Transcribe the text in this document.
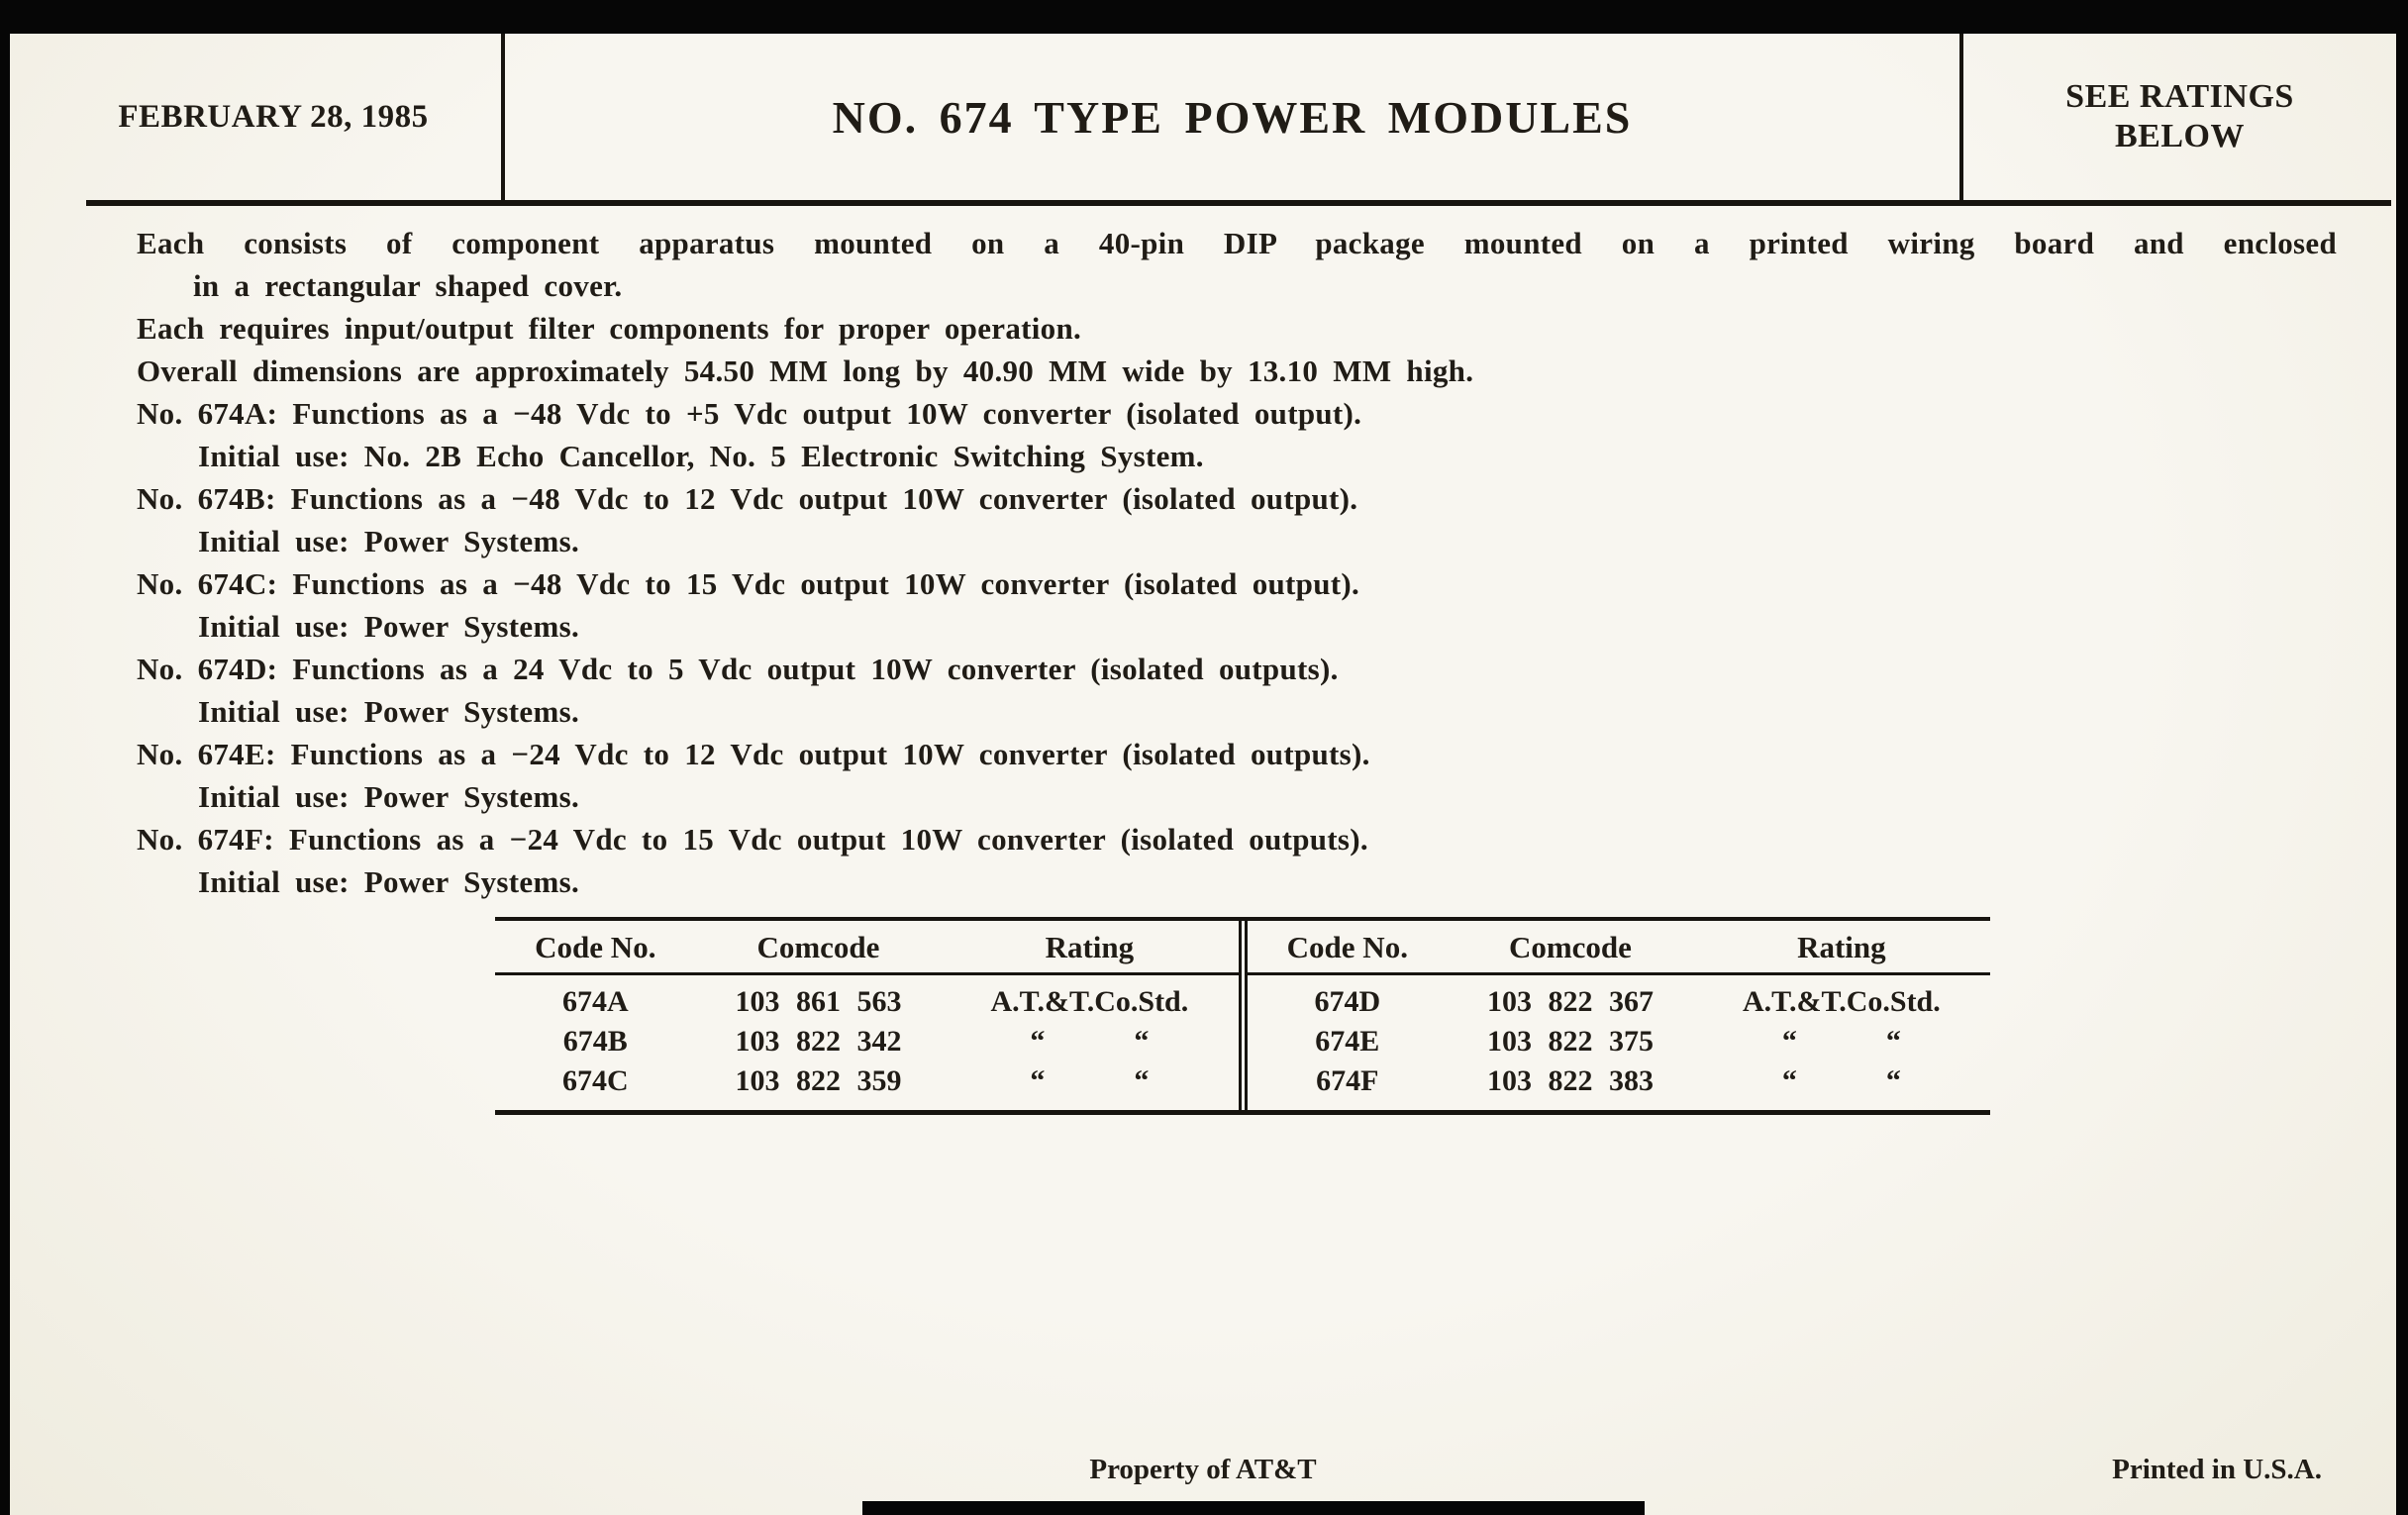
FEBRUARY 28, 1985	NO. 674 TYPE POWER MODULES	SEE RATINGS
BELOW
Each consists of component apparatus mounted on a 40-pin DIP package mounted on a printed wiring board and enclosed
in a rectangular shaped cover.
Each requires input/output filter components for proper operation.
Overall dimensions are approximately 54.50 MM long by 40.90 MM wide by 13.10 MM high.
No. 674A: Functions as a −48 Vdc to +5 Vdc output 10W converter (isolated output).
Initial use: No. 2B Echo Cancellor, No. 5 Electronic Switching System.
No. 674B: Functions as a −48 Vdc to 12 Vdc output 10W converter (isolated output).
Initial use: Power Systems.
No. 674C: Functions as a −48 Vdc to 15 Vdc output 10W converter (isolated output).
Initial use: Power Systems.
No. 674D: Functions as a 24 Vdc to 5 Vdc output 10W converter (isolated outputs).
Initial use: Power Systems.
No. 674E: Functions as a −24 Vdc to 12 Vdc output 10W converter (isolated outputs).
Initial use: Power Systems.
No. 674F: Functions as a −24 Vdc to 15 Vdc output 10W converter (isolated outputs).
Initial use: Power Systems.
Code No.	Comcode	Rating
674A	103 861 563	A.T.&T.Co.Std.
674B	103 822 342	“   “
674C	103 822 359	“   “
Code No.	Comcode	Rating
674D	103 822 367	A.T.&T.Co.Std.
674E	103 822 375	“   “
674F	103 822 383	“   “
Property of AT&T	Printed in U.S.A.
